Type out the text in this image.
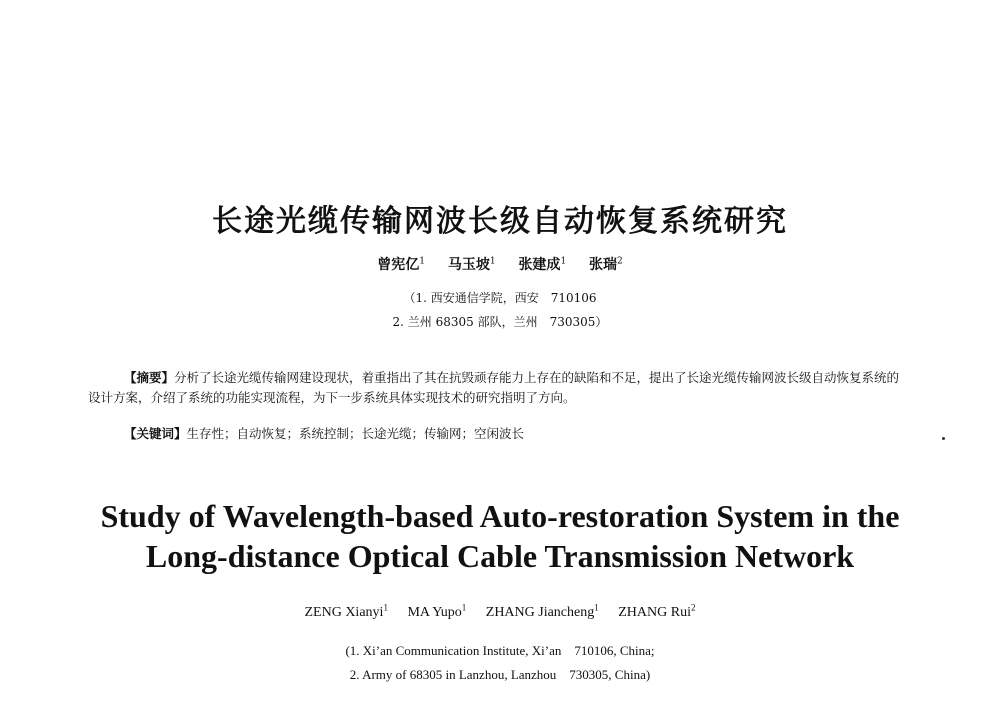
长途光缆传输网波长级自动恢复系统研究
曾宪亿$^1$ 马玉坡$^1$ 张建成$^1$ 张瑞$^2$
（1. 西安通信学院，西安　710106
2. 兰州 68305 部队，兰州　730305）
【摘要】分析了长途光缆传输网建设现状，着重指出了其在抗毁顽存能力上存在的缺陷和不足，提出了长途光缆传输网波长级自动恢复系统的设计方案，介绍了系统的功能实现流程，为下一步系统具体实现技术的研究指明了方向。
【关键词】生存性；自动恢复；系统控制；长途光缆；传输网；空闲波长
Study of Wavelength-based Auto-restoration System in the
Long-distance Optical Cable Transmission Network
ZENG Xianyi$^1$ MA Yupo$^1$ ZHANG Jiancheng$^1$ ZHANG Rui$^2$
(1. Xi’an Communication Institute, Xi’an　710106, China;
2. Army of 68305 in Lanzhou, Lanzhou　730305, China)
